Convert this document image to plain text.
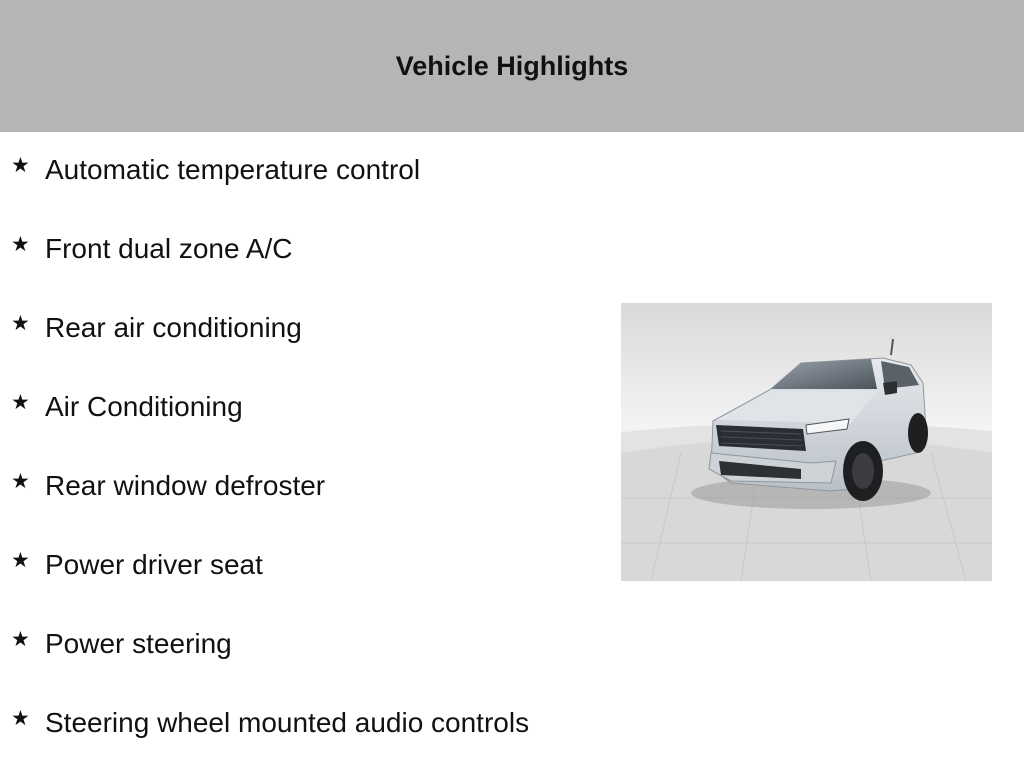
Vehicle Highlights
★ Automatic temperature control
★ Front dual zone A/C
★ Rear air conditioning
★ Air Conditioning
★ Rear window defroster
★ Power driver seat
★ Power steering
★ Steering wheel mounted audio controls
